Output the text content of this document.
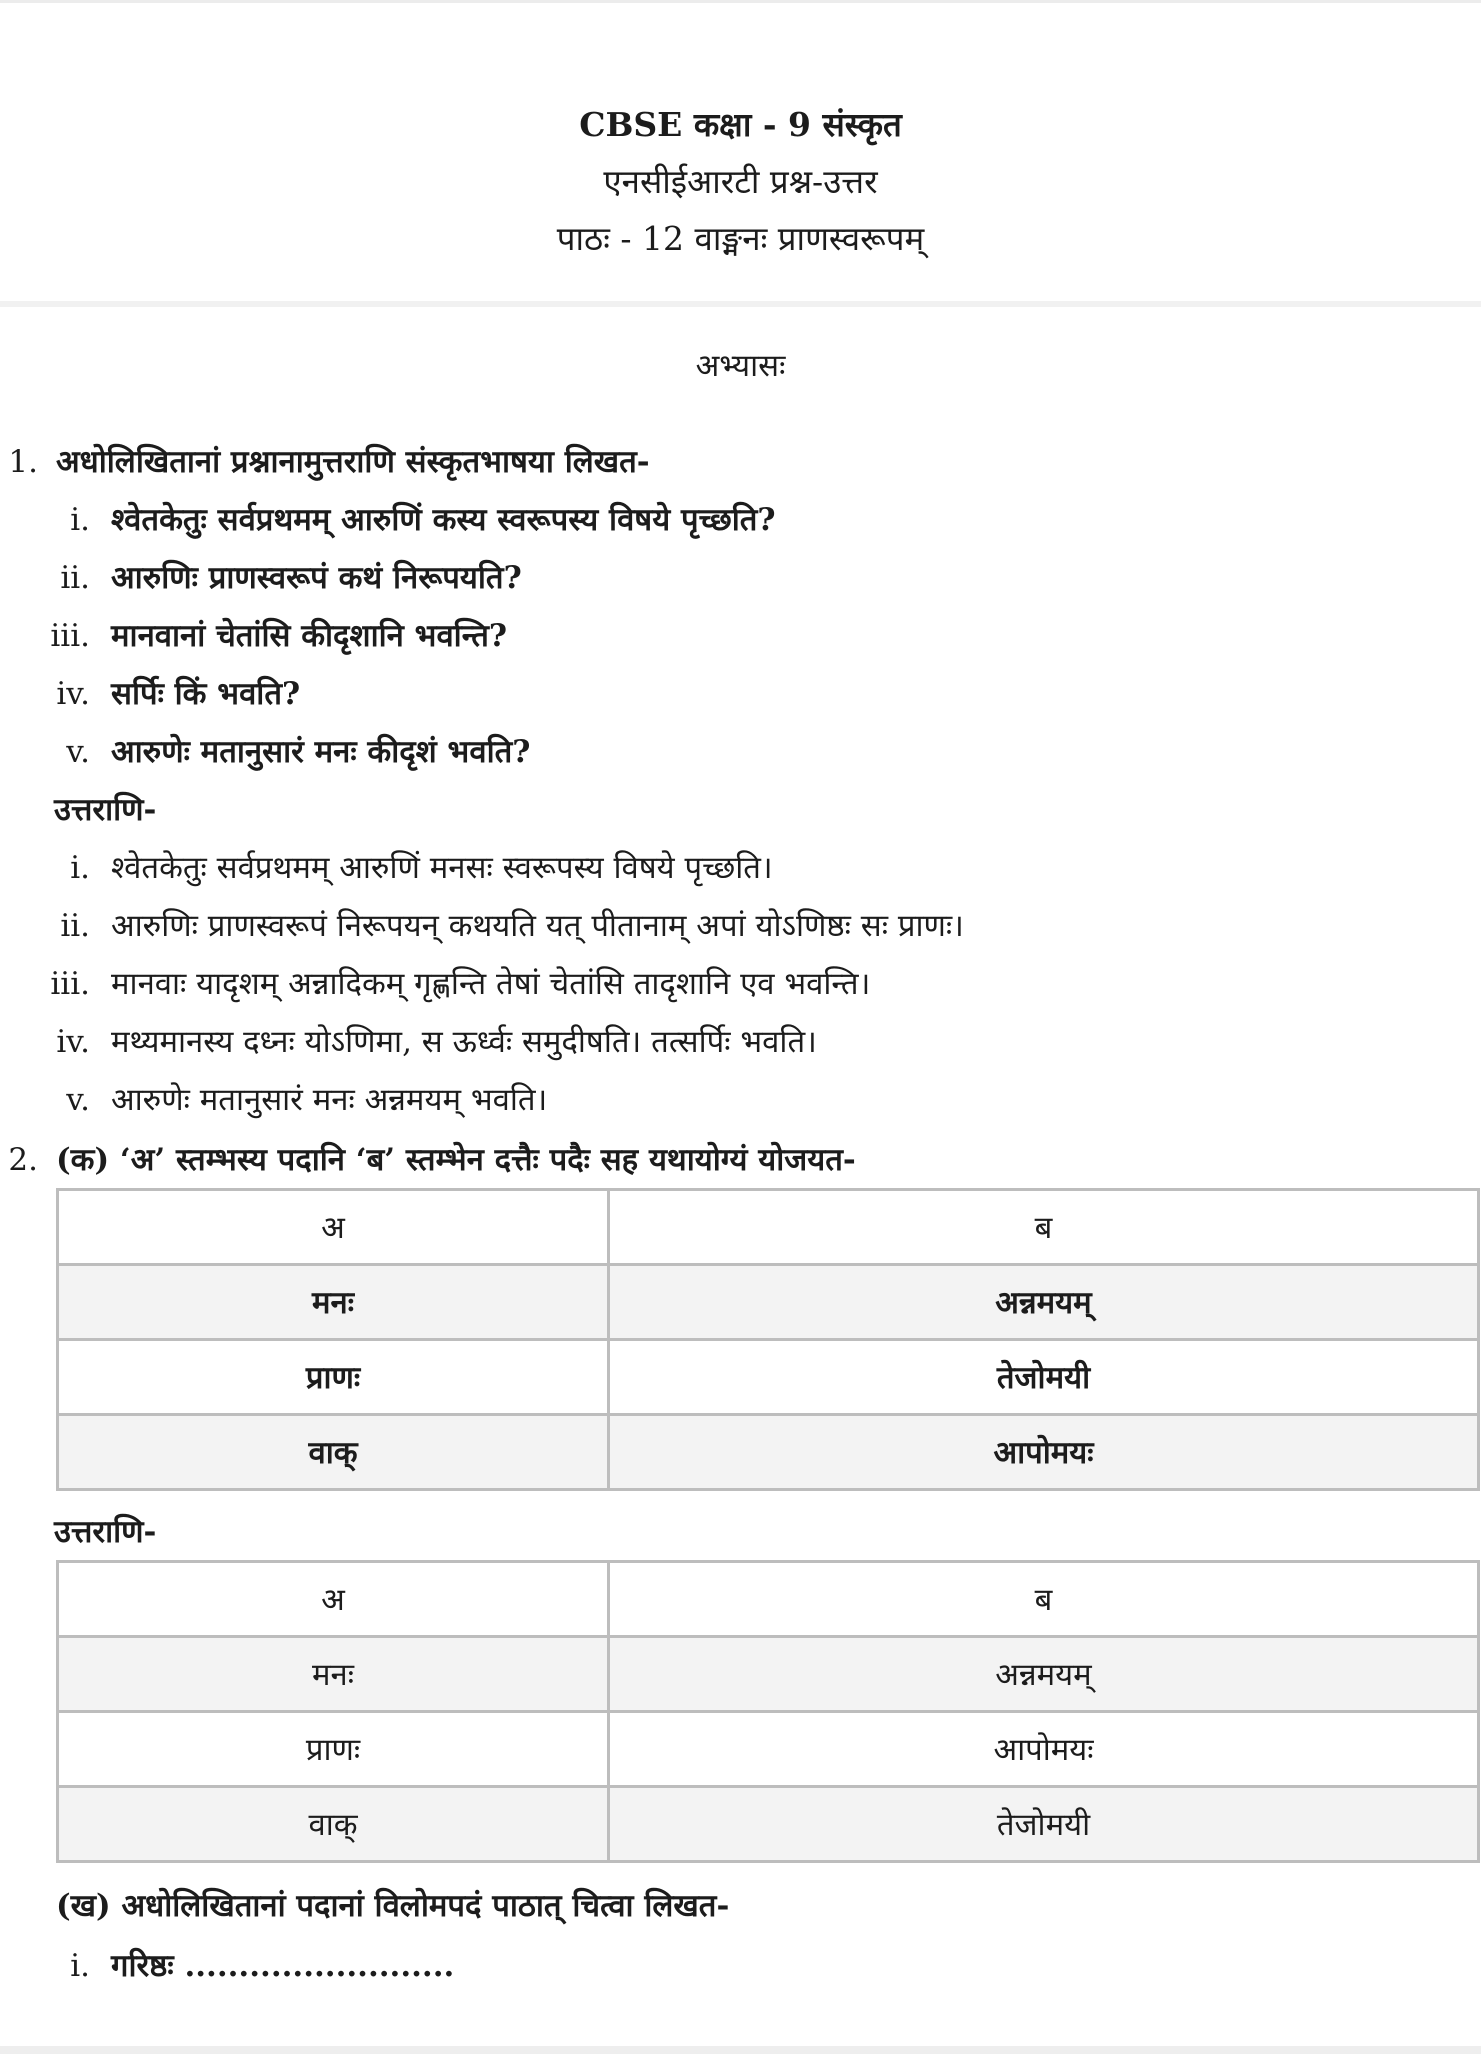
CBSE कक्षा - 9 संस्कृत
एनसीईआरटी प्रश्न-उत्तर
पाठः - 12 वाङ्मनः प्राणस्वरूपम्
अभ्यासः
1. अधोलिखितानां प्रश्नानामुत्तराणि संस्कृतभाषया लिखत-
i. श्वेतकेतुः सर्वप्रथमम् आरुणिं कस्य स्वरूपस्य विषये पृच्छति?
ii. आरुणिः प्राणस्वरूपं कथं निरूपयति?
iii. मानवानां चेतांसि कीदृशानि भवन्ति?
iv. सर्पिः किं भवति?
v. आरुणेः मतानुसारं मनः कीदृशं भवति?
उत्तराणि-
i. श्वेतकेतुः सर्वप्रथमम् आरुणिं मनसः स्वरूपस्य विषये पृच्छति।
ii. आरुणिः प्राणस्वरूपं निरूपयन् कथयति यत् पीतानाम् अपां योऽणिष्ठः सः प्राणः।
iii. मानवाः यादृशम् अन्नादिकम् गृह्णन्ति तेषां चेतांसि तादृशानि एव भवन्ति।
iv. मथ्यमानस्य दध्नः योऽणिमा, स ऊर्ध्वः समुदीषति। तत्सर्पिः भवति।
v. आरुणेः मतानुसारं मनः अन्नमयम् भवति।
2. (क) ‘अ’ स्तम्भस्य पदानि ‘ब’ स्तम्भेन दत्तैः पदैः सह यथायोग्यं योजयत-
अ	ब
मनः	अन्नमयम्
प्राणः	तेजोमयी
वाक्	आपोमयः
उत्तराणि-
अ	ब
मनः	अन्नमयम्
प्राणः	आपोमयः
वाक्	तेजोमयी
(ख) अधोलिखितानां पदानां विलोमपदं पाठात् चित्वा लिखत-
i. गरिष्ठः .........................
